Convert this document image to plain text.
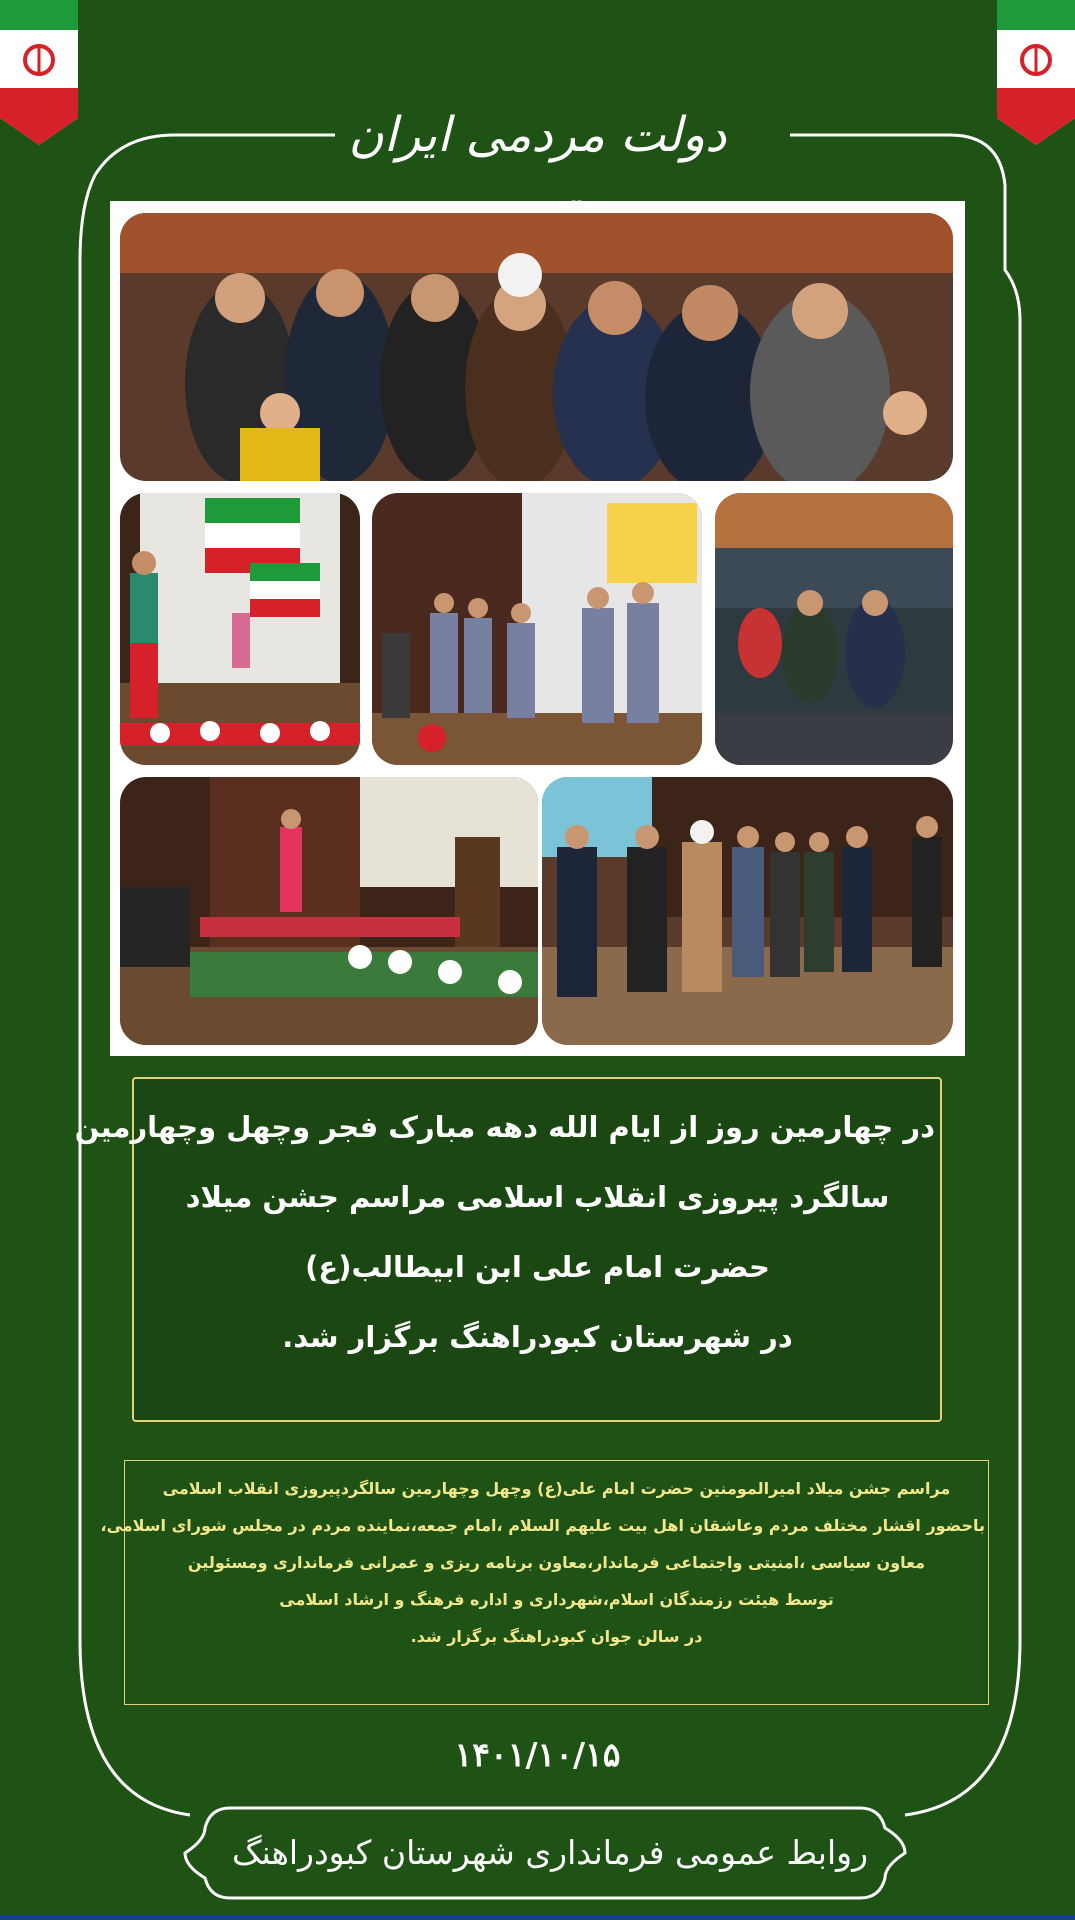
دولت مردمی ایران
در چهارمین روز از ایام الله دهه مبارک فجر وچهل وچهارمین
سالگرد پیروزی انقلاب اسلامی مراسم جشن میلاد
حضرت امام علی ابن ابیطالب(ع)
در شهرستان کبودراهنگ برگزار شد.
مراسم جشن میلاد امیرالمومنین حضرت امام علی(ع) وچهل وچهارمین سالگردپیروزی انقلاب اسلامی
باحضور اقشار مختلف مردم وعاشقان اهل بیت علیهم السلام ،امام جمعه،نماینده مردم در مجلس شورای اسلامی،
معاون سیاسی ،امنیتی واجتماعی فرماندار،معاون برنامه ریزی و عمرانی فرمانداری ومسئولین
توسط هیئت رزمندگان اسلام،شهرداری و اداره فرهنگ و ارشاد اسلامی
در سالن جوان کبودراهنگ برگزار شد.
۱۴۰۱/۱۰/۱۵
روابط عمومی فرمانداری شهرستان کبودراهنگ
